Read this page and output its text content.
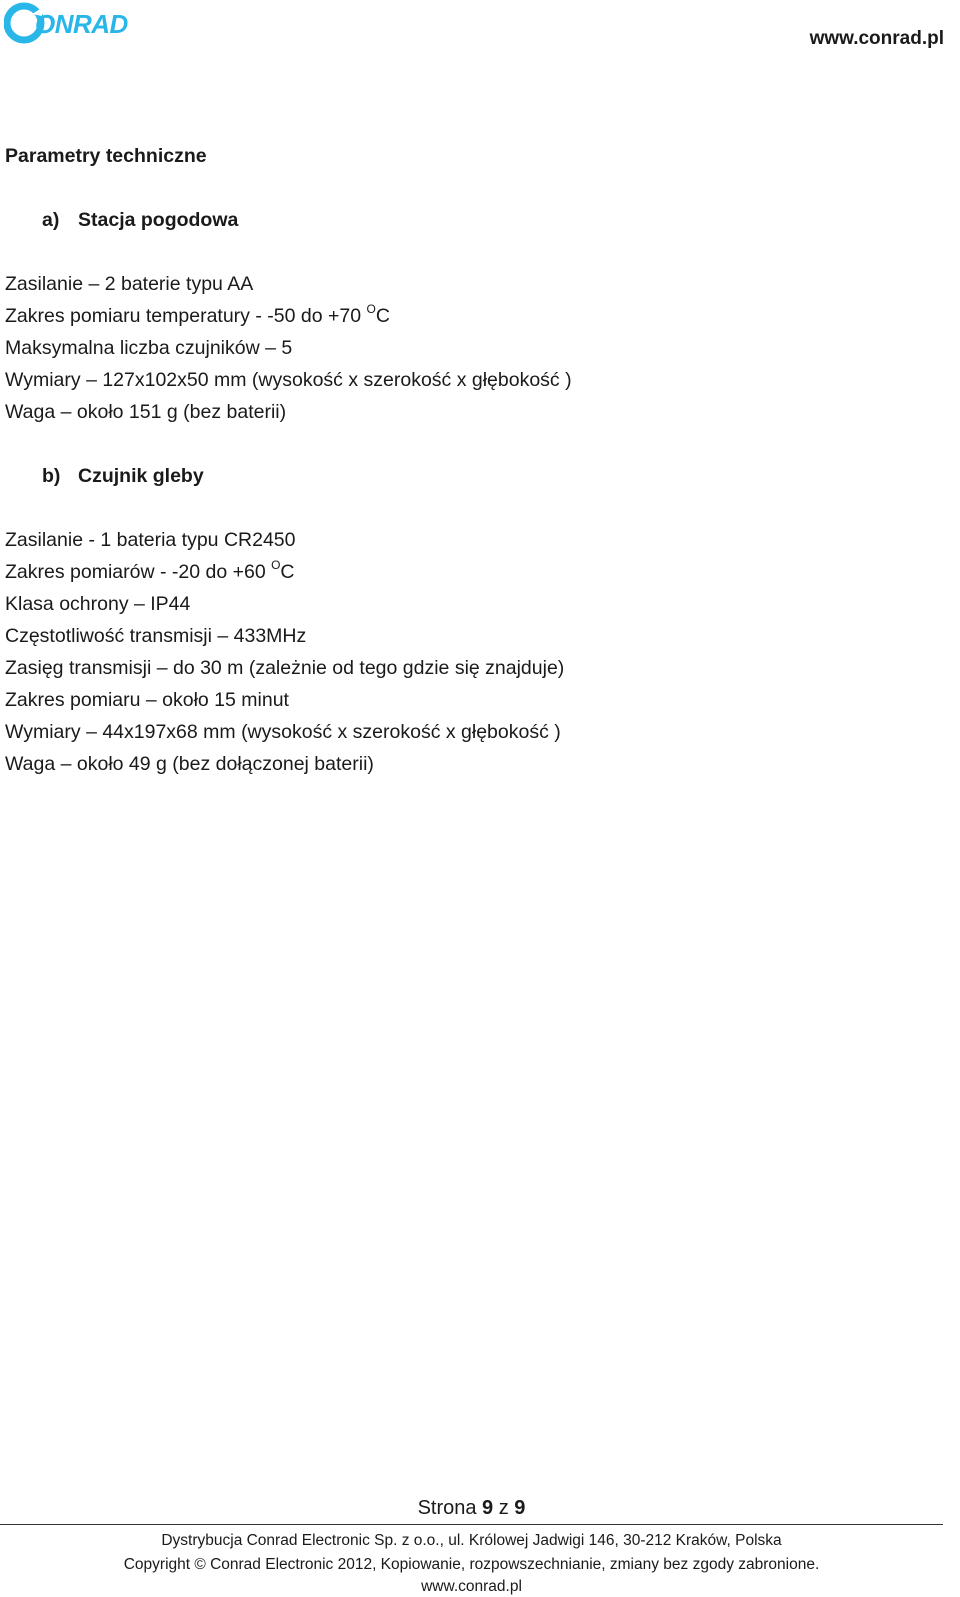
ONRAD	www.conrad.pl
Parametry techniczne
a) Stacja pogodowa
Zasilanie – 2 baterie typu AA
Zakres pomiaru temperatury - -50 do +70 $^O$C
Maksymalna liczba czujników – 5
Wymiary – 127x102x50 mm (wysokość x szerokość x głębokość )
Waga – około 151 g (bez baterii)
b) Czujnik gleby
Zasilanie - 1 bateria typu CR2450
Zakres pomiarów - -20 do +60 $^O$C
Klasa ochrony – IP44
Częstotliwość transmisji – 433MHz
Zasięg transmisji – do 30 m (zależnie od tego gdzie się znajduje)
Zakres pomiaru – około 15 minut
Wymiary – 44x197x68 mm (wysokość x szerokość x głębokość )
Waga – około 49 g (bez dołączonej baterii)
Strona 9 z 9
Dystrybucja Conrad Electronic Sp. z o.o., ul. Królowej Jadwigi 146, 30-212 Kraków, Polska
Copyright © Conrad Electronic 2012, Kopiowanie, rozpowszechnianie, zmiany bez zgody zabronione.
www.conrad.pl
